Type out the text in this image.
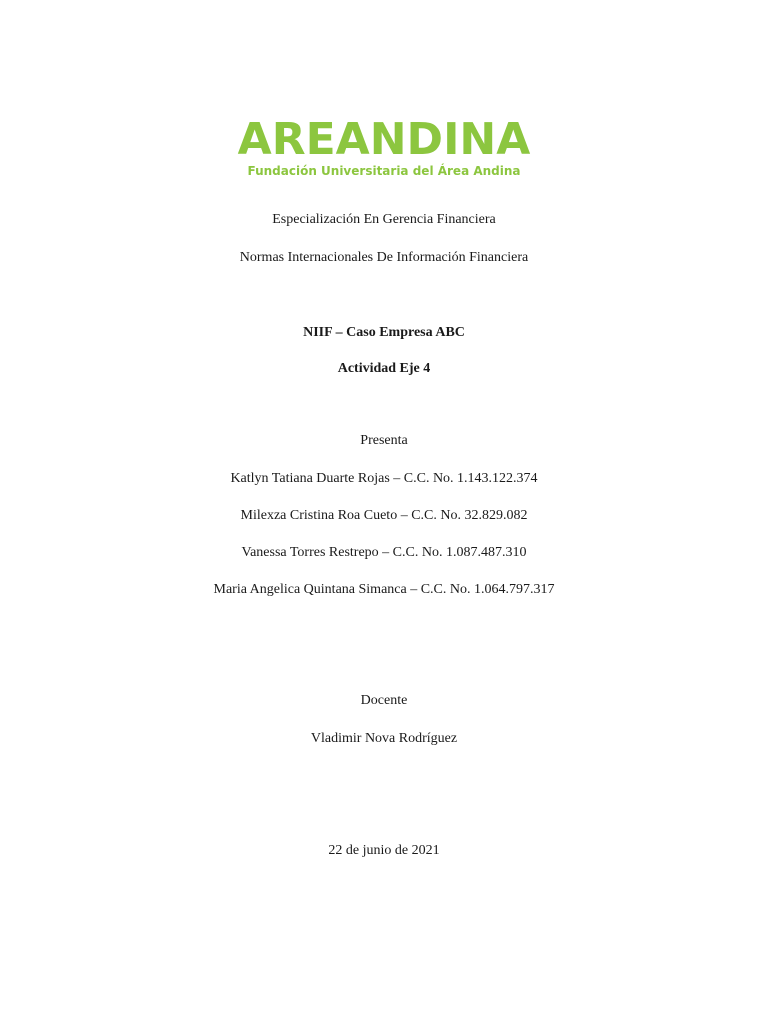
AREANDINA
Fundación Universitaria del Área Andina
Especialización En Gerencia Financiera
Normas Internacionales De Información Financiera
NIIF – Caso Empresa ABC
Actividad Eje 4
Presenta
Katlyn Tatiana Duarte Rojas – C.C. No. 1.143.122.374
Milexza Cristina Roa Cueto – C.C. No. 32.829.082
Vanessa Torres Restrepo – C.C. No. 1.087.487.310
Maria Angelica Quintana Simanca – C.C. No. 1.064.797.317
Docente
Vladimir Nova Rodríguez
22 de junio de 2021
